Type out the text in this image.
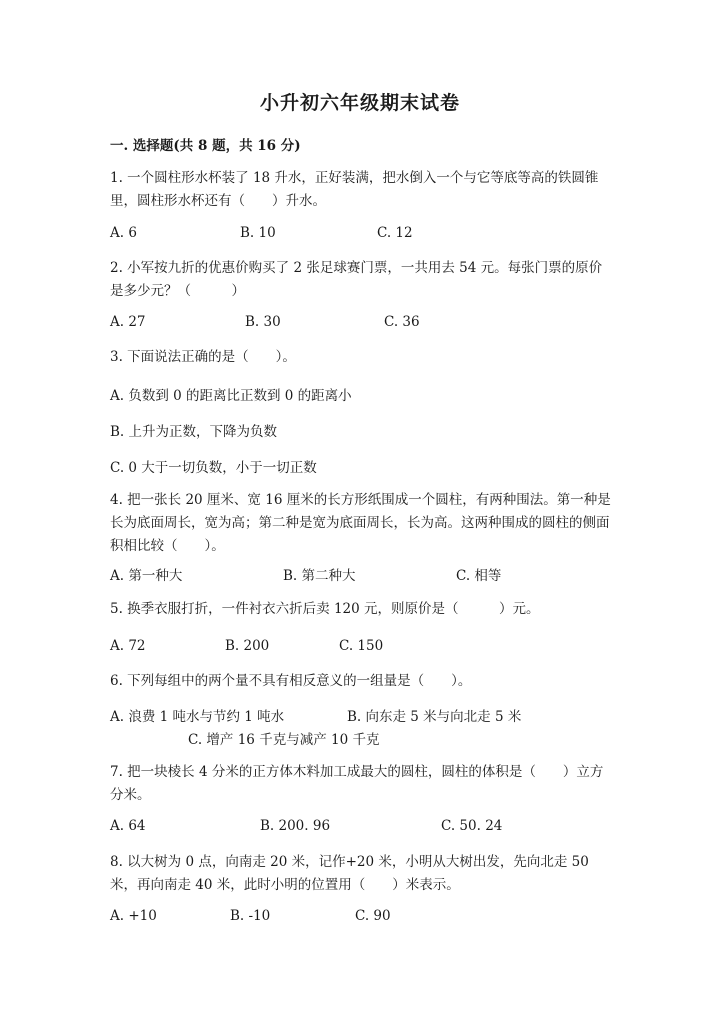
小升初六年级期末试卷
一. 选择题(共 8 题，共 16 分)

1. 一个圆柱形水杯装了 18 升水，正好装满，把水倒入一个与它等底等高的铁圆锥里，圆柱形水杯还有（　　）升水。

A. 6	B. 10	C. 12

2. 小军按九折的优惠价购买了 2 张足球赛门票，一共用去 54 元。每张门票的原价是多少元？（　　　）

A. 27	B. 30	C. 36

3. 下面说法正确的是（　　）。

A. 负数到 0 的距离比正数到 0 的距离小
B. 上升为正数，下降为负数
C. 0 大于一切负数，小于一切正数

4. 把一张长 20 厘米、宽 16 厘米的长方形纸围成一个圆柱，有两种围法。第一种是长为底面周长，宽为高；第二种是宽为底面周长，长为高。这两种围成的圆柱的侧面积相比较（　　）。

A. 第一种大	B. 第二种大	C. 相等

5. 换季衣服打折，一件衬衣六折后卖 120 元，则原价是（　　　）元。

A. 72	B. 200	C. 150

6. 下列每组中的两个量不具有相反意义的一组量是（　　）。

A. 浪费 1 吨水与节约 1 吨水	B. 向东走 5 米与向北走 5 米
C. 增产 16 千克与减产 10 千克

7. 把一块棱长 4 分米的正方体木料加工成最大的圆柱，圆柱的体积是（　　）立方分米。

A. 64	B. 200. 96	C. 50. 24

8. 以大树为 0 点，向南走 20 米，记作+20 米，小明从大树出发，先向北走 50 米，再向南走 40 米，此时小明的位置用（　　）米表示。

A. +10	B. -10	C. 90
